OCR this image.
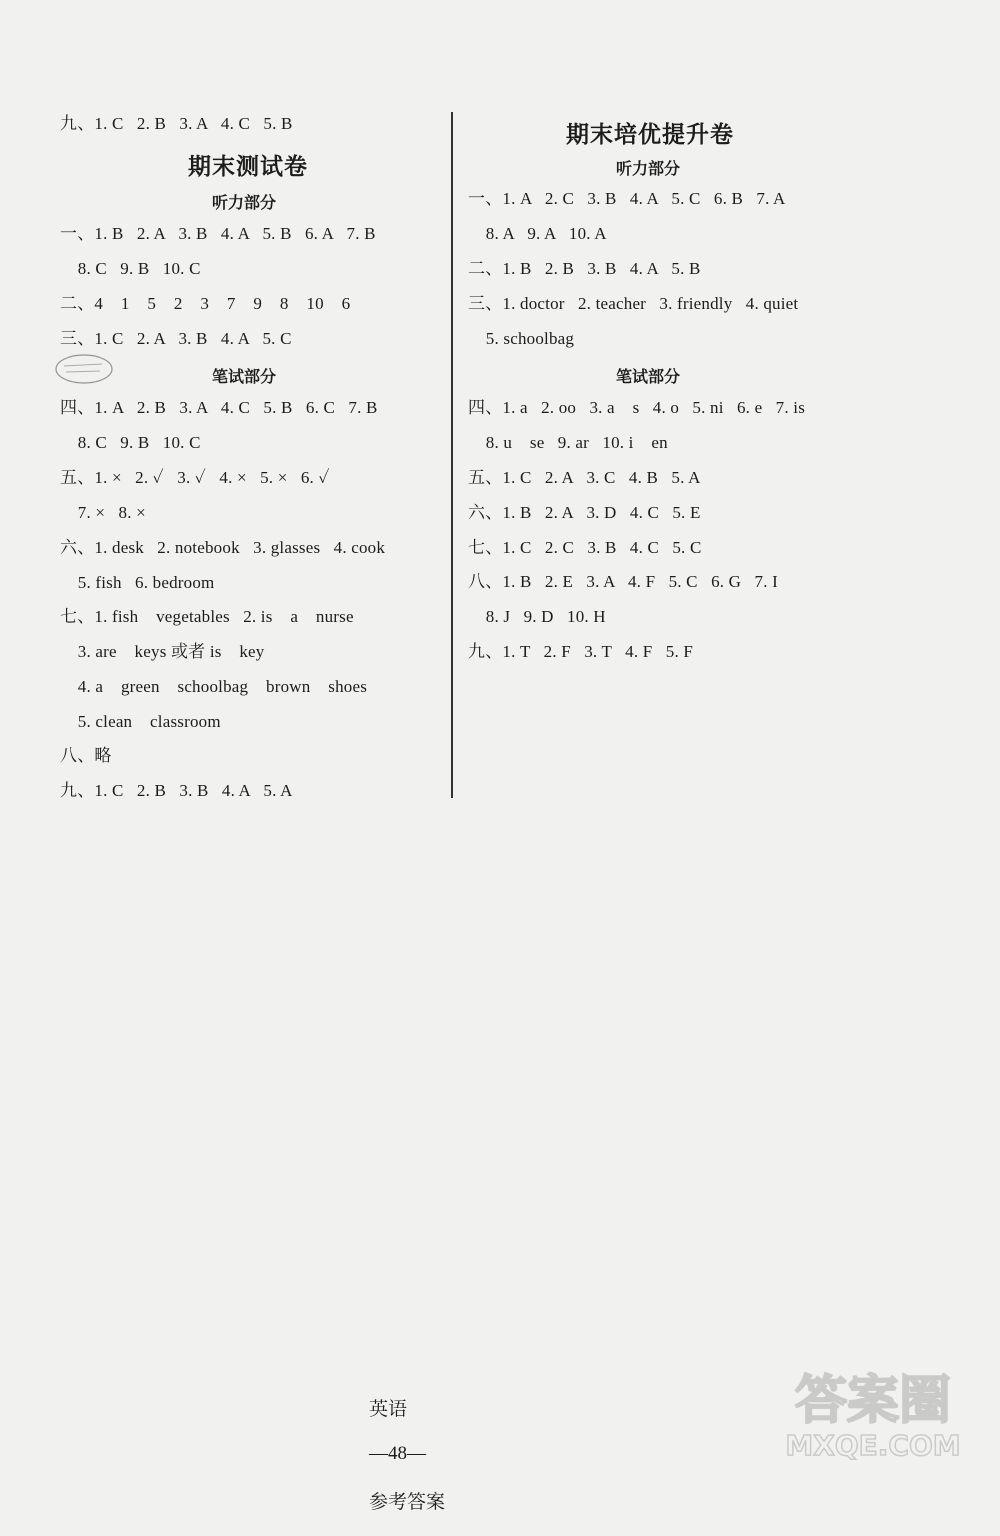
九、1. C   2. B   3. A   4. C   5. B
期末测试卷
听力部分
一、1. B   2. A   3. B   4. A   5. B   6. A   7. B
8. C   9. B   10. C
二、4    1    5    2    3    7    9    8    10    6
三、1. C   2. A   3. B   4. A   5. C
笔试部分
四、1. A   2. B   3. A   4. C   5. B   6. C   7. B
8. C   9. B   10. C
五、1. ×   2. ✓   3. ✓   4. ×   5. ×   6. ✓
7. ×   8. ×
六、1. desk   2. notebook   3. glasses   4. cook
5. fish   6. bedroom
七、1. fish    vegetables   2. is    a    nurse
3. are    keys 或者 is    key
4. a    green    schoolbag    brown    shoes
5. clean    classroom
八、略
九、1. C   2. B   3. B   4. A   5. A
期末培优提升卷
听力部分
一、1. A   2. C   3. B   4. A   5. C   6. B   7. A
8. A   9. A   10. A
二、1. B   2. B   3. B   4. A   5. B
三、1. doctor   2. teacher   3. friendly   4. quiet
5. schoolbag
笔试部分
四、1. a   2. oo   3. a    s   4. o   5. ni   6. e   7. is
8. u    se   9. ar   10. i    en
五、1. C   2. A   3. C   4. B   5. A
六、1. B   2. A   3. D   4. C   5. E
七、1. C   2. C   3. B   4. C   5. C
八、1. B   2. E   3. A   4. F   5. C   6. G   7. I
8. J   9. D   10. H
九、1. T   2. F   3. T   4. F   5. F

英语

—48—

参考答案

答案圈
MXQE.COM
